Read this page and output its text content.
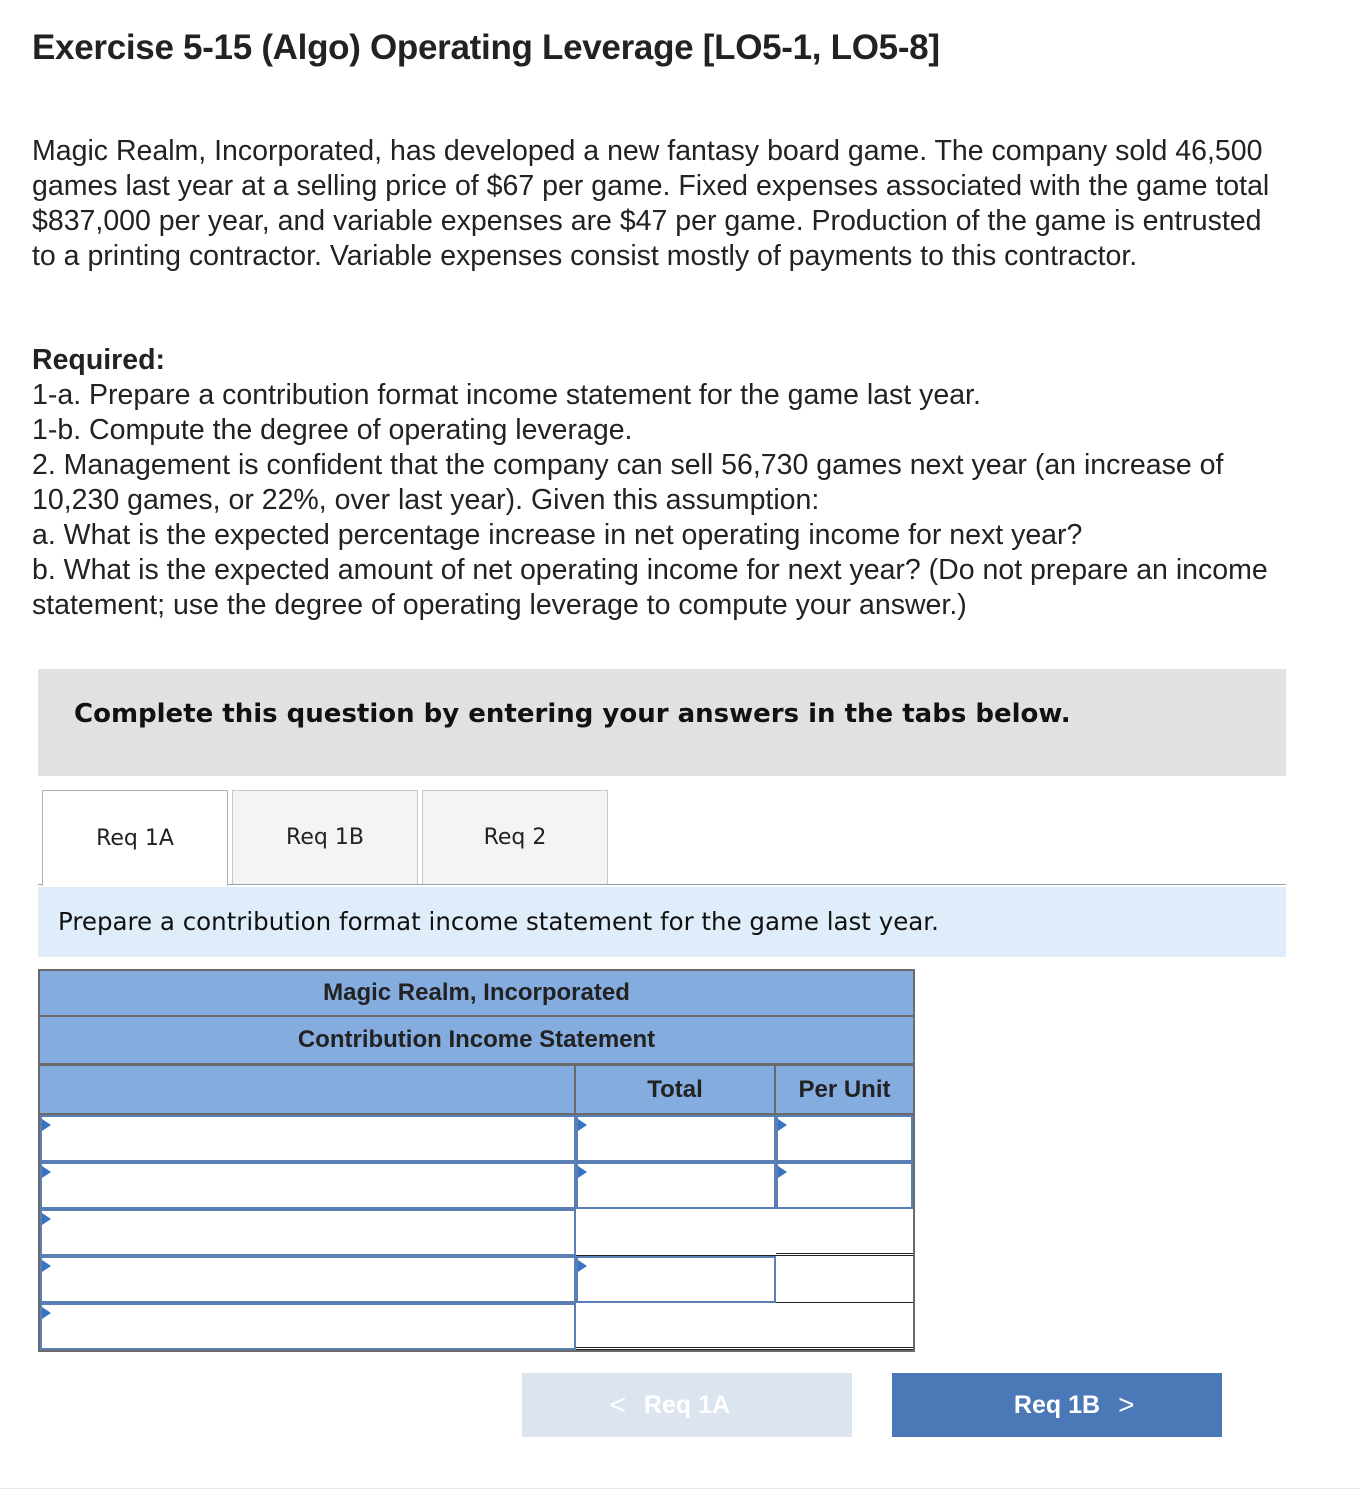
Exercise 5-15 (Algo) Operating Leverage [LO5-1, LO5-8]
Magic Realm, Incorporated, has developed a new fantasy board game. The company sold 46,500 games last year at a selling price of $67 per game. Fixed expenses associated with the game total $837,000 per year, and variable expenses are $47 per game. Production of the game is entrusted to a printing contractor. Variable expenses consist mostly of payments to this contractor.
Required:
1-a. Prepare a contribution format income statement for the game last year.
1-b. Compute the degree of operating leverage.
2. Management is confident that the company can sell 56,730 games next year (an increase of 10,230 games, or 22%, over last year). Given this assumption:
a. What is the expected percentage increase in net operating income for next year?
b. What is the expected amount of net operating income for next year? (Do not prepare an income statement; use the degree of operating leverage to compute your answer.)
Complete this question by entering your answers in the tabs below.
Req 1A	Req 1B	Req 2
Prepare a contribution format income statement for the game last year.
Magic Realm, Incorporated
Contribution Income Statement
Total	Per Unit
< Req 1A	Req 1B >
